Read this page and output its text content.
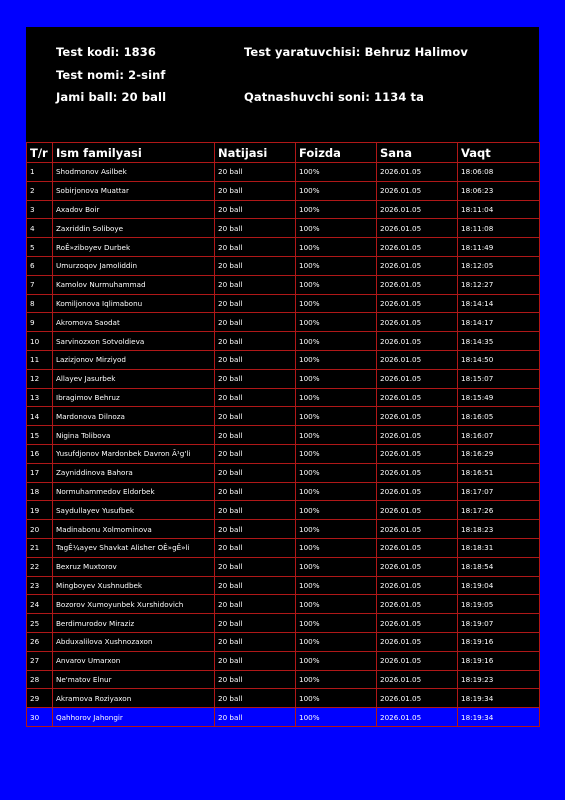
Test kodi: 1836	Test yaratuvchisi: Behruz Halimov
Test nomi: 2-sinf
Jami ball: 20 ball	Qatnashuvchi soni: 1134 ta
T/r	Ism familyasi	Natijasi	Foizda	Sana	Vaqt
1	Shodmonov Asilbek	20 ball	100%	2026.01.05	18:06:08
2	Sobirjonova Muattar	20 ball	100%	2026.01.05	18:06:23
3	Axadov Boir	20 ball	100%	2026.01.05	18:11:04
4	Zaxriddin Soliboye	20 ball	100%	2026.01.05	18:11:08
5	RoÊ»ziboyev Durbek	20 ball	100%	2026.01.05	18:11:49
6	Umurzoqov Jamoliddin	20 ball	100%	2026.01.05	18:12:05
7	Kamolov Nurmuhammad	20 ball	100%	2026.01.05	18:12:27
8	Komiljonova Iqlimabonu	20 ball	100%	2026.01.05	18:14:14
9	Akromova Saodat	20 ball	100%	2026.01.05	18:14:17
10	Sarvinozxon Sotvoldieva	20 ball	100%	2026.01.05	18:14:35
11	Lazizjonov Mirziyod	20 ball	100%	2026.01.05	18:14:50
12	Allayev Jasurbek	20 ball	100%	2026.01.05	18:15:07
13	Ibragimov Behruz	20 ball	100%	2026.01.05	18:15:49
14	Mardonova Dilnoza	20 ball	100%	2026.01.05	18:16:05
15	Nigina Tolibova	20 ball	100%	2026.01.05	18:16:07
16	Yusufdjonov Mardonbek Davron Ã¹g'li	20 ball	100%	2026.01.05	18:16:29
17	Zayniddinova Bahora	20 ball	100%	2026.01.05	18:16:51
18	Normuhammedov Eldorbek	20 ball	100%	2026.01.05	18:17:07
19	Saydullayev Yusufbek	20 ball	100%	2026.01.05	18:17:26
20	Madinabonu Xolmominova	20 ball	100%	2026.01.05	18:18:23
21	TagÊ¼ayev Shavkat Alisher OÊ»gÊ»li	20 ball	100%	2026.01.05	18:18:31
22	Bexruz Muxtorov	20 ball	100%	2026.01.05	18:18:54
23	Mingboyev Xushnudbek	20 ball	100%	2026.01.05	18:19:04
24	Bozorov Xumoyunbek Xurshidovich	20 ball	100%	2026.01.05	18:19:05
25	Berdimurodov Miraziz	20 ball	100%	2026.01.05	18:19:07
26	Abduxalilova Xushnozaxon	20 ball	100%	2026.01.05	18:19:16
27	Anvarov Umarxon	20 ball	100%	2026.01.05	18:19:16
28	Ne'matov Elnur	20 ball	100%	2026.01.05	18:19:23
29	Akramova Roziyaxon	20 ball	100%	2026.01.05	18:19:34
30	Qahhorov Jahongir	20 ball	100%	2026.01.05	18:19:34
